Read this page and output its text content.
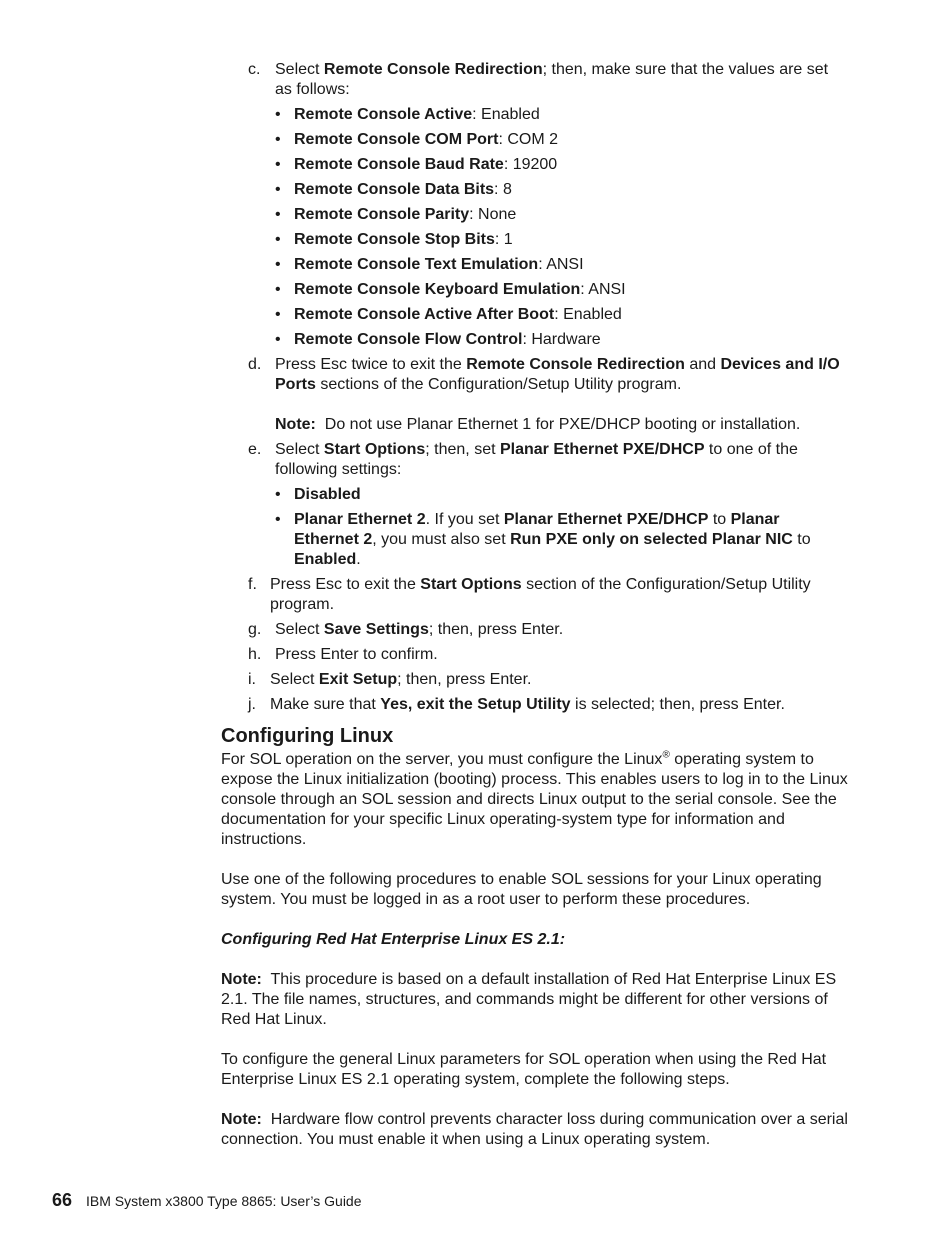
c. Select Remote Console Redirection; then, make sure that the values are set as follows:
• Remote Console Active: Enabled
• Remote Console COM Port: COM 2
• Remote Console Baud Rate: 19200
• Remote Console Data Bits: 8
• Remote Console Parity: None
• Remote Console Stop Bits: 1
• Remote Console Text Emulation: ANSI
• Remote Console Keyboard Emulation: ANSI
• Remote Console Active After Boot: Enabled
• Remote Console Flow Control: Hardware
d. Press Esc twice to exit the Remote Console Redirection and Devices and I/O Ports sections of the Configuration/Setup Utility program.
Note:  Do not use Planar Ethernet 1 for PXE/DHCP booting or installation.
e. Select Start Options; then, set Planar Ethernet PXE/DHCP to one of the following settings:
• Disabled
• Planar Ethernet 2. If you set Planar Ethernet PXE/DHCP to Planar Ethernet 2, you must also set Run PXE only on selected Planar NIC to Enabled.
f. Press Esc to exit the Start Options section of the Configuration/Setup Utility program.
g. Select Save Settings; then, press Enter.
h. Press Enter to confirm.
i. Select Exit Setup; then, press Enter.
j. Make sure that Yes, exit the Setup Utility is selected; then, press Enter.
Configuring Linux

For SOL operation on the server, you must configure the Linux® operating system to expose the Linux initialization (booting) process. This enables users to log in to the Linux console through an SOL session and directs Linux output to the serial console. See the documentation for your specific Linux operating-system type for information and instructions.

Use one of the following procedures to enable SOL sessions for your Linux operating system. You must be logged in as a root user to perform these procedures.

Configuring Red Hat Enterprise Linux ES 2.1:

Note:  This procedure is based on a default installation of Red Hat Enterprise Linux ES 2.1. The file names, structures, and commands might be different for other versions of Red Hat Linux.

To configure the general Linux parameters for SOL operation when using the Red Hat Enterprise Linux ES 2.1 operating system, complete the following steps.

Note:  Hardware flow control prevents character loss during communication over a serial connection. You must enable it when using a Linux operating system.

66 IBM System x3800 Type 8865: User’s Guide
